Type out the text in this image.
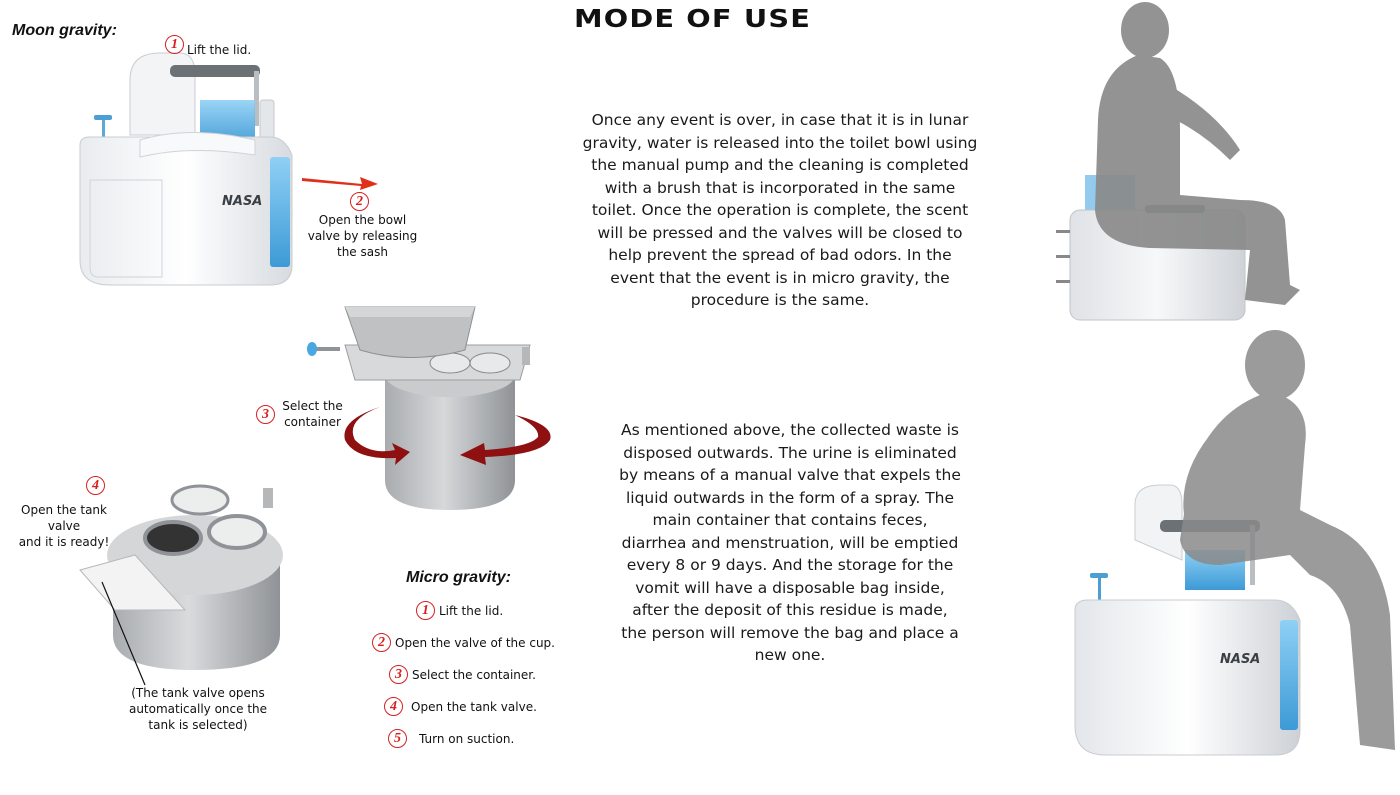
MODE OF USE
Moon gravity:
NASA
1 Lift the lid.
2
Open the bowl
valve by releasing
the sash
3
Select the
container
4
Open the tank valve
and it is ready!
(The tank valve opens
automatically once the
tank is selected)
Micro gravity:
1 Lift the lid.
2 Open the valve of the cup.
3 Select the container.
4	Open the tank valve.
5	Turn on suction.
Once any event is over, in case that it is in lunar
gravity, water is released into the toilet bowl using
the manual pump and the cleaning is completed
with a brush that is incorporated in the same
toilet. Once the operation is complete, the scent
will be pressed and the valves will be closed to
help prevent the spread of bad odors. In the
event that the event is in micro gravity, the
procedure is the same.
As mentioned above, the collected waste is
disposed outwards. The urine is eliminated
by means of a manual valve that expels the
liquid outwards in the form of a spray. The
main container that contains feces,
diarrhea and menstruation, will be emptied
every 8 or 9 days. And the storage for the
vomit will have a disposable bag inside,
after the deposit of this residue is made,
the person will remove the bag and place a
new one.	NASA
